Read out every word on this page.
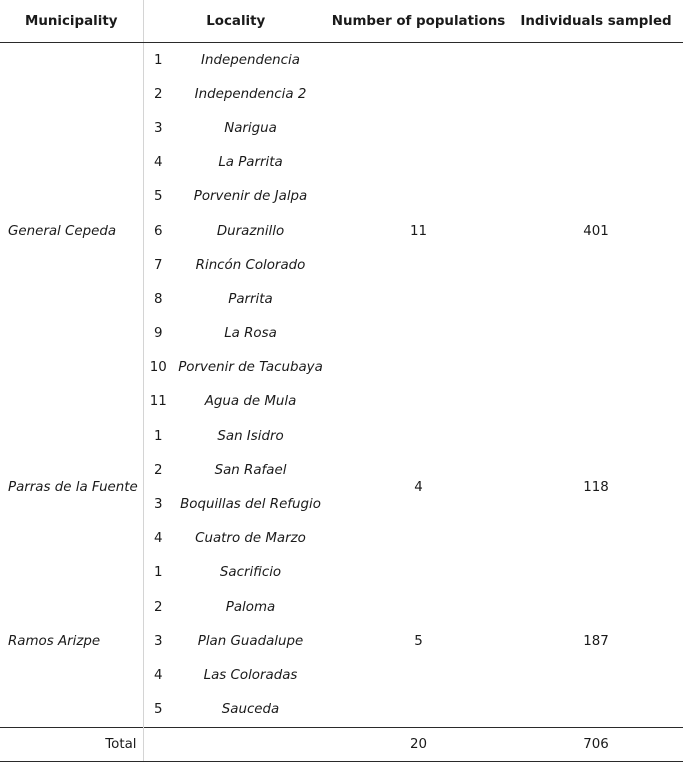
Municipality	Locality		Number of populations	Individuals sampled
General Cepeda	1	Independencia	11	401
	2	Independencia 2		
	3	Narigua		
	4	La Parrita		
	5	Porvenir de Jalpa		
	6	Duraznillo		
	7	Rincón Colorado		
	8	Parrita		
	9	La Rosa		
	10	Porvenir de Tacubaya		
	11	Agua de Mula		
Parras de la Fuente	1	San Isidro	4	118
	2	San Rafael		
	3	Boquillas del Refugio		
	4	Cuatro de Marzo		
Ramos Arizpe	1	Sacrificio	5	187
	2	Paloma		
	3	Plan Guadalupe		
	4	Las Coloradas		
	5	Sauceda		
Total			20	706
